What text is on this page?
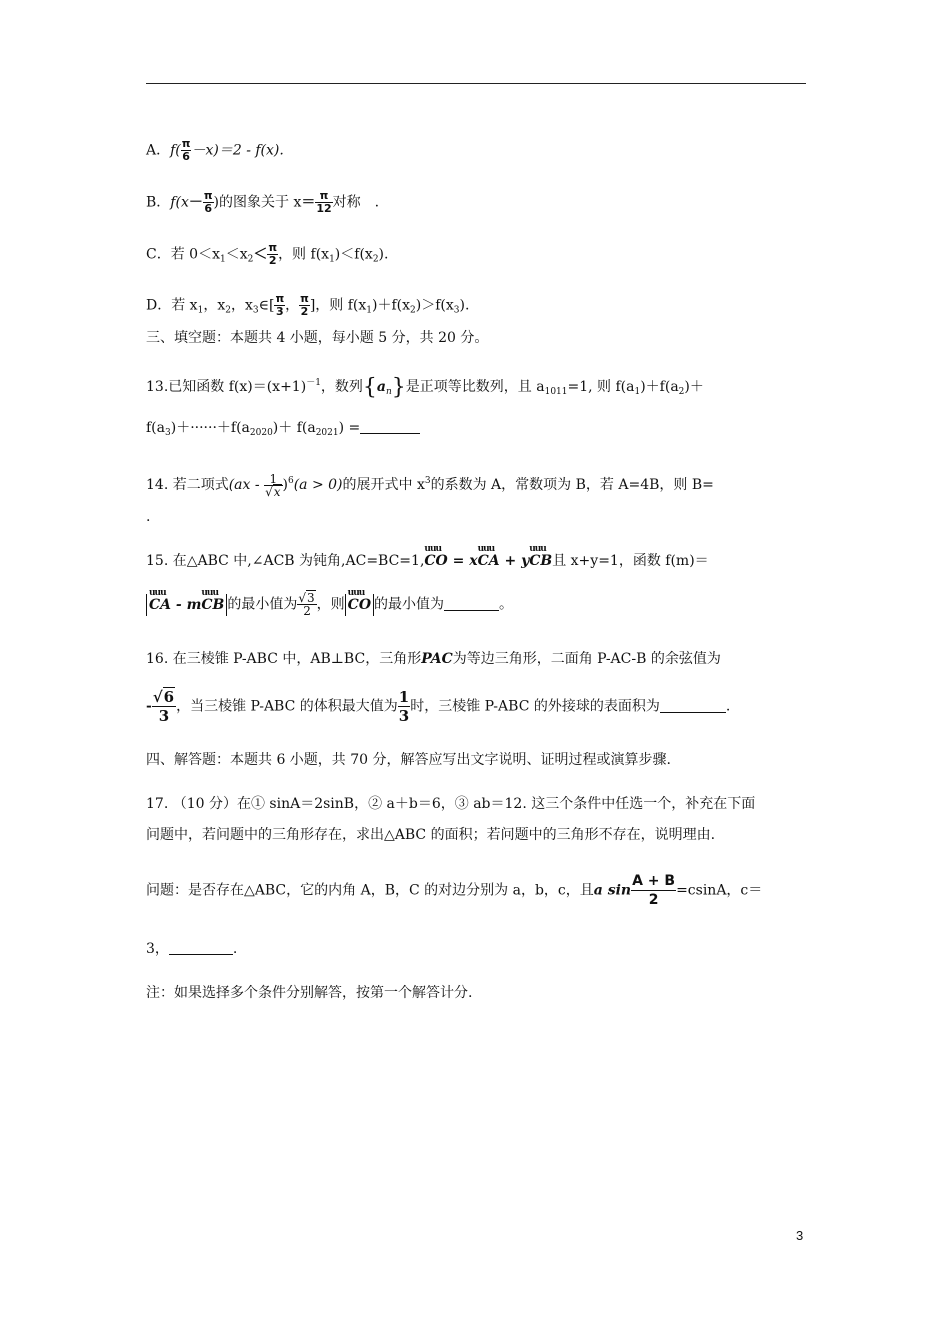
A．$f( \frac{\pi}{6} -x)=2 - f(x)$.
B．$f(x- \frac{\pi}{6}$ )的图象关于 $x= \frac{\pi}{12}$ 对称　.
C．若 $0<x_1<x_2< \frac{\pi}{2}$ ，则 $f(x_1)<f(x_2)$.
D．若 $x_1$，$x_2$，$x_3\in[ \frac{\pi}{3}$ ， $\frac{\pi}{2}$ ]，则 $f(x_1)+f(x_2)>f(x_3)$.
三、填空题：本题共 4 小题，每小题 5 分，共 20 分。
13.已知函数 $f(x)=(x+1)^{-1}$，数列$\{a_n\}$是正项等比数列，且 $a_{1011}=1$, 则 $f(a_1)+f(a_2)+$
$f(a_3)+\cdot\cdot\cdot\cdot\cdot\cdot+f(a_{2020})+ f(a_{2021})$ =
14. 若二项式$(ax - \frac{1}{√x} )^6(a > 0)$的展开式中 $x^3$的系数为 A，常数项为 B，若 A=4B，则 B=
.
15. 在△ABC 中,∠ACB 为钝角,AC=BC=1,uuu CO = xuuu CA + yuuu CB且 x+y=1，函数 f(m)＝
uuu CA - muuu CB 的最小值为 $\frac{√3}{2}$ ，则uuu CO 的最小值为	。
16. 在三棱锥 P-ABC 中，AB⊥BC，三角形PAC为等边三角形，二面角 P-AC-B 的余弦值为
- $\frac{√6}{3}$ ，当三棱锥 P-ABC 的体积最大值为 $\frac{1}{3}$ 时，三棱锥 P-ABC 的外接球的表面积为	.
四、解答题：本题共 6 小题，共 70 分，解答应写出文字说明、证明过程或演算步骤.
17. （10 分）在① sinA＝2sinB，② a＋b＝6，③ ab＝12. 这三个条件中任选一个，补充在下面
问题中，若问题中的三角形存在，求出△ABC 的面积；若问题中的三角形不存在，说明理由.
问题：是否存在△ABC，它的内角 A，B，C 的对边分别为 a，b，c，且a $\sin \frac{A + B}{2} =csinA$，c＝
3，	.
注：如果选择多个条件分别解答，按第一个解答计分.
3
